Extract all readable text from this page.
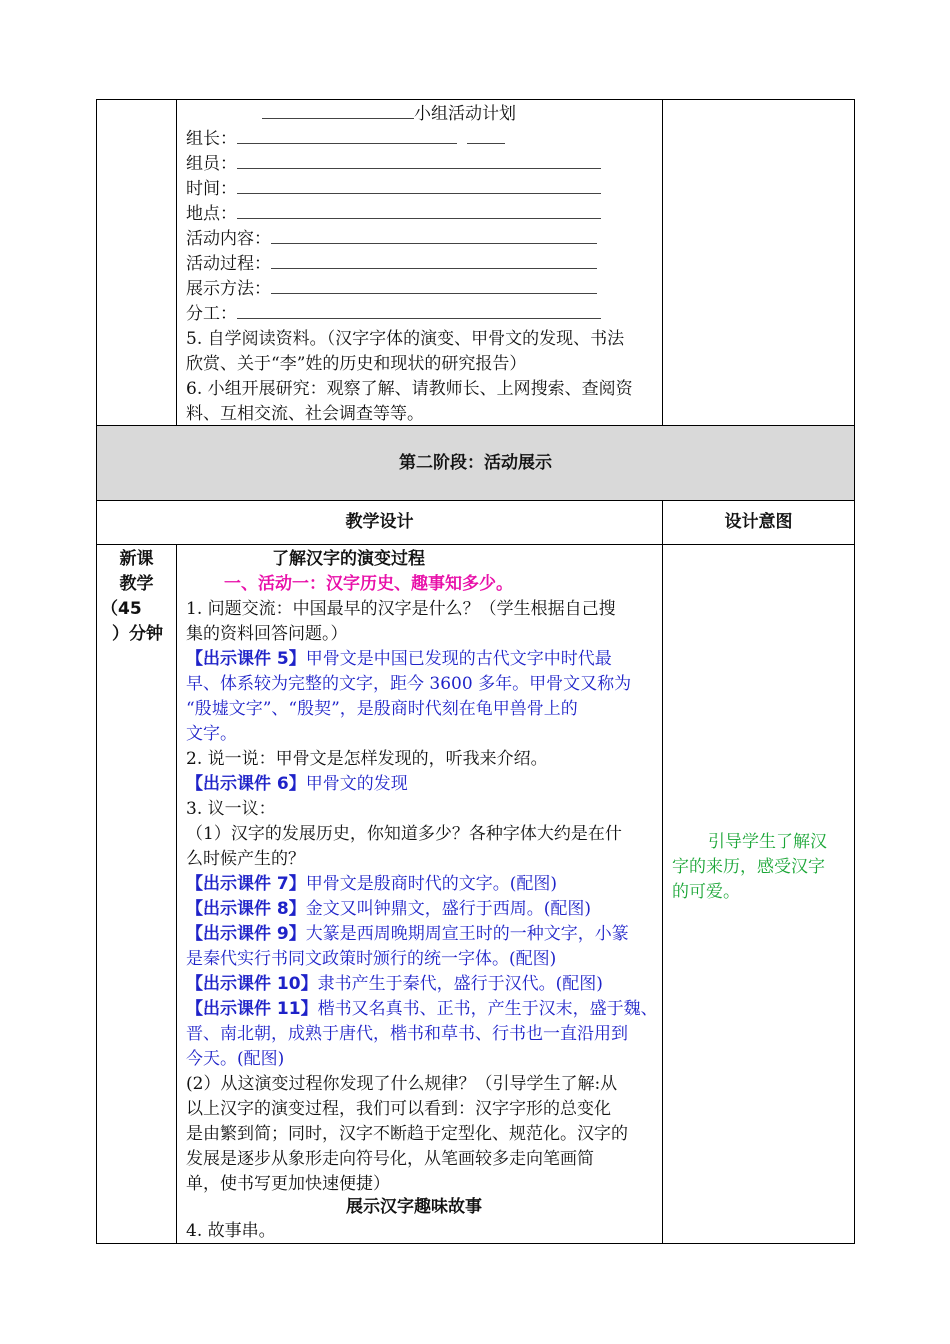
小组活动计划
组长：
组员：
时间：
地点：
活动内容：
活动过程：
展示方法：
分工：
5. 自学阅读资料。（汉字字体的演变、甲骨文的发现、书法
欣赏、关于“李”姓的历史和现状的研究报告）
6. 小组开展研究：观察了解、请教师长、上网搜索、查阅资
料、互相交流、社会调查等等。
第二阶段：活动展示
教学设计	设计意图
新课
教学
（45
）分钟
了解汉字的演变过程
一、活动一：汉字历史、趣事知多少。
1. 问题交流：中国最早的汉字是什么？（学生根据自己搜
集的资料回答问题。）
【出示课件 5】甲骨文是中国已发现的古代文字中时代最
早、体系较为完整的文字，距今 3600 多年。甲骨文又称为
“殷墟文字”、“殷契”，是殷商时代刻在龟甲兽骨上的
文字。
2. 说一说：甲骨文是怎样发现的，听我来介绍。
【出示课件 6】甲骨文的发现
3. 议一议：
（1）汉字的发展历史，你知道多少？各种字体大约是在什
么时候产生的？
【出示课件 7】甲骨文是殷商时代的文字。(配图)
【出示课件 8】金文又叫钟鼎文，盛行于西周。(配图)
【出示课件 9】大篆是西周晚期周宣王时的一种文字，小篆
是秦代实行书同文政策时颁行的统一字体。(配图)
【出示课件 10】隶书产生于秦代，盛行于汉代。(配图)
【出示课件 11】楷书又名真书、正书，产生于汉末，盛于魏、
晋、南北朝，成熟于唐代，楷书和草书、行书也一直沿用到
今天。(配图)
(2）从这演变过程你发现了什么规律？（引导学生了解:从
以上汉字的演变过程，我们可以看到：汉字字形的总变化
是由繁到简；同时，汉字不断趋于定型化、规范化。汉字的
发展是逐步从象形走向符号化，从笔画较多走向笔画简
单，使书写更加快速便捷）
展示汉字趣味故事
4. 故事串。
引导学生了解汉
字的来历，感受汉字
的可爱。
